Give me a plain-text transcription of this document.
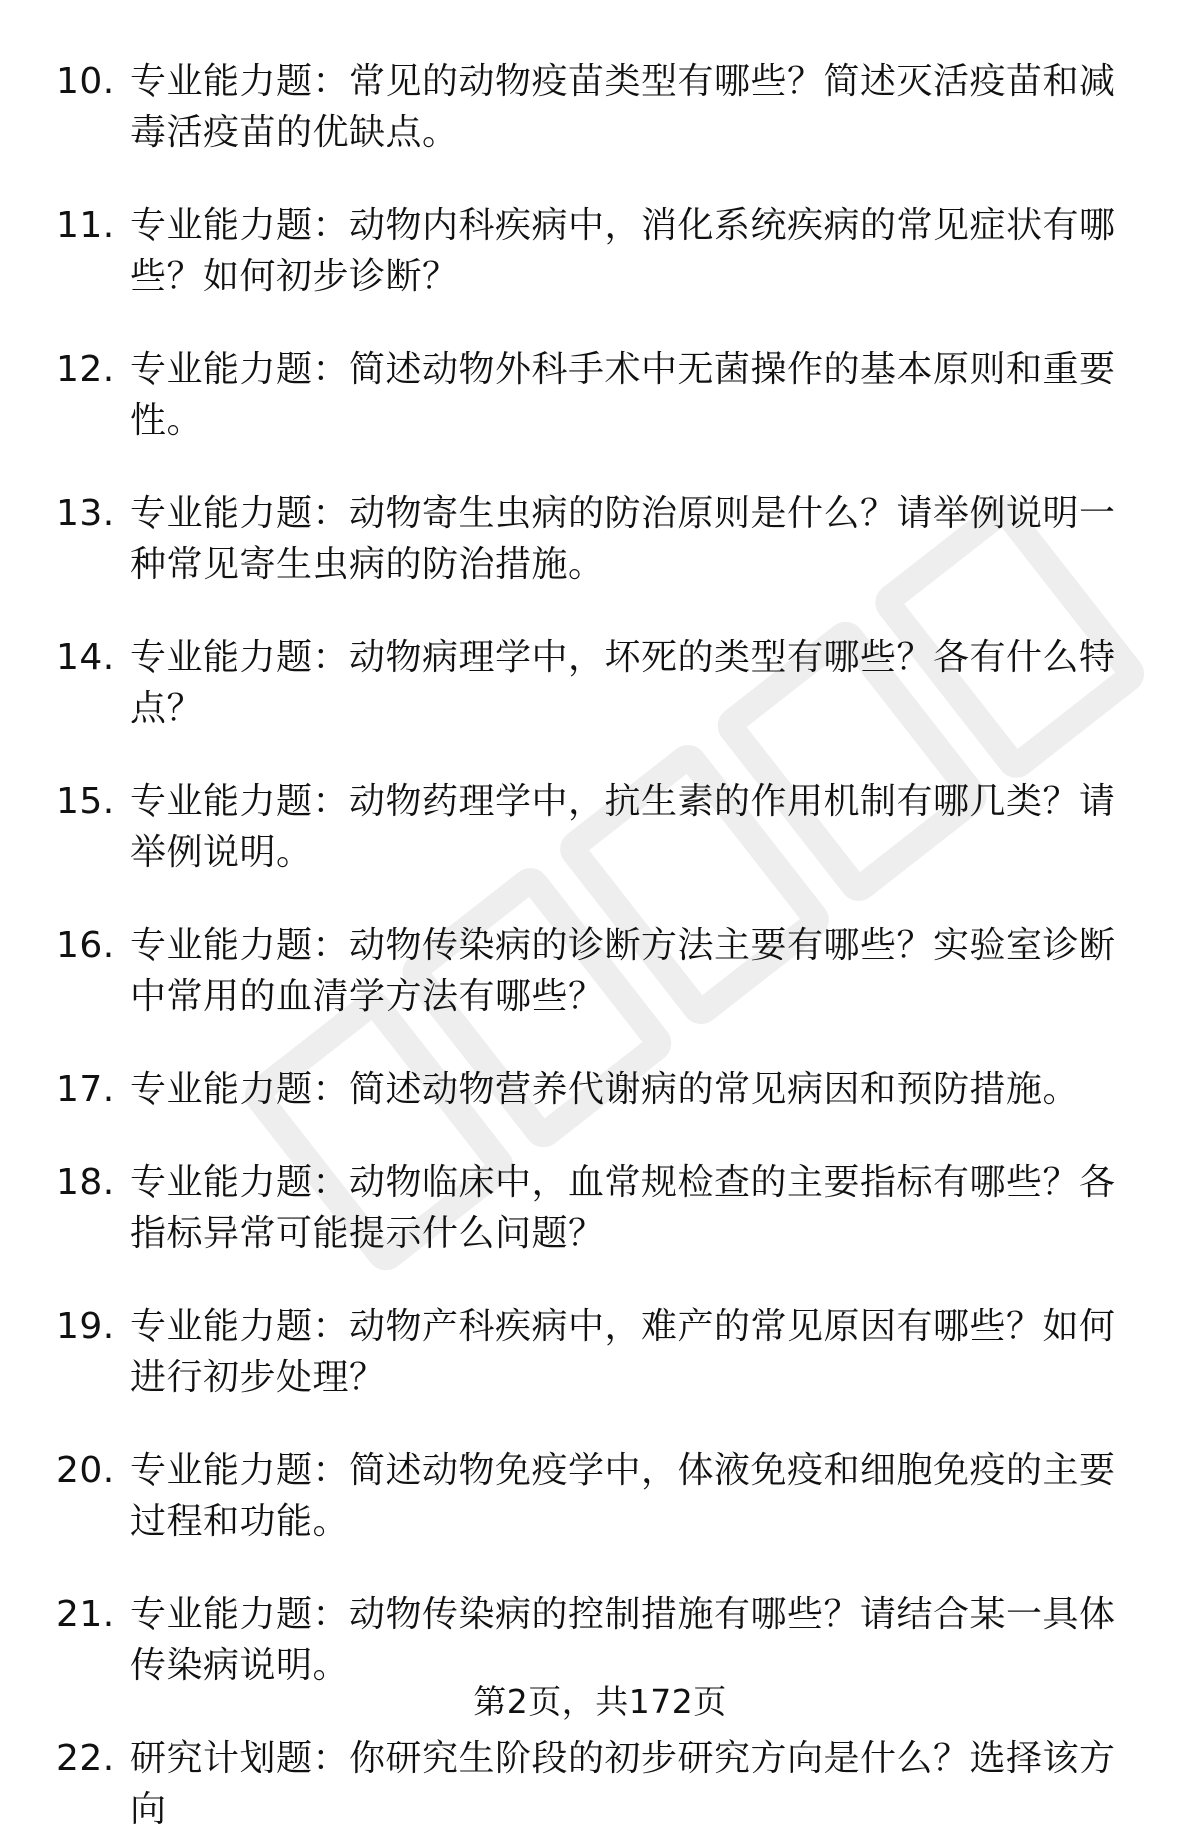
10. 专业能力题：常见的动物疫苗类型有哪些？简述灭活疫苗和减毒活疫苗的优缺点。
11. 专业能力题：动物内科疾病中，消化系统疾病的常见症状有哪些？如何初步诊断？
12. 专业能力题：简述动物外科手术中无菌操作的基本原则和重要性。
13. 专业能力题：动物寄生虫病的防治原则是什么？请举例说明一种常见寄生虫病的防治措施。
14. 专业能力题：动物病理学中，坏死的类型有哪些？各有什么特点？
15. 专业能力题：动物药理学中，抗生素的作用机制有哪几类？请举例说明。
16. 专业能力题：动物传染病的诊断方法主要有哪些？实验室诊断中常用的血清学方法有哪些？
17. 专业能力题：简述动物营养代谢病的常见病因和预防措施。
18. 专业能力题：动物临床中，血常规检查的主要指标有哪些？各指标异常可能提示什么问题？
19. 专业能力题：动物产科疾病中，难产的常见原因有哪些？如何进行初步处理？
20. 专业能力题：简述动物免疫学中，体液免疫和细胞免疫的主要过程和功能。
21. 专业能力题：动物传染病的控制措施有哪些？请结合某一具体传染病说明。
22. 研究计划题：你研究生阶段的初步研究方向是什么？选择该方向
第2页，共172页
